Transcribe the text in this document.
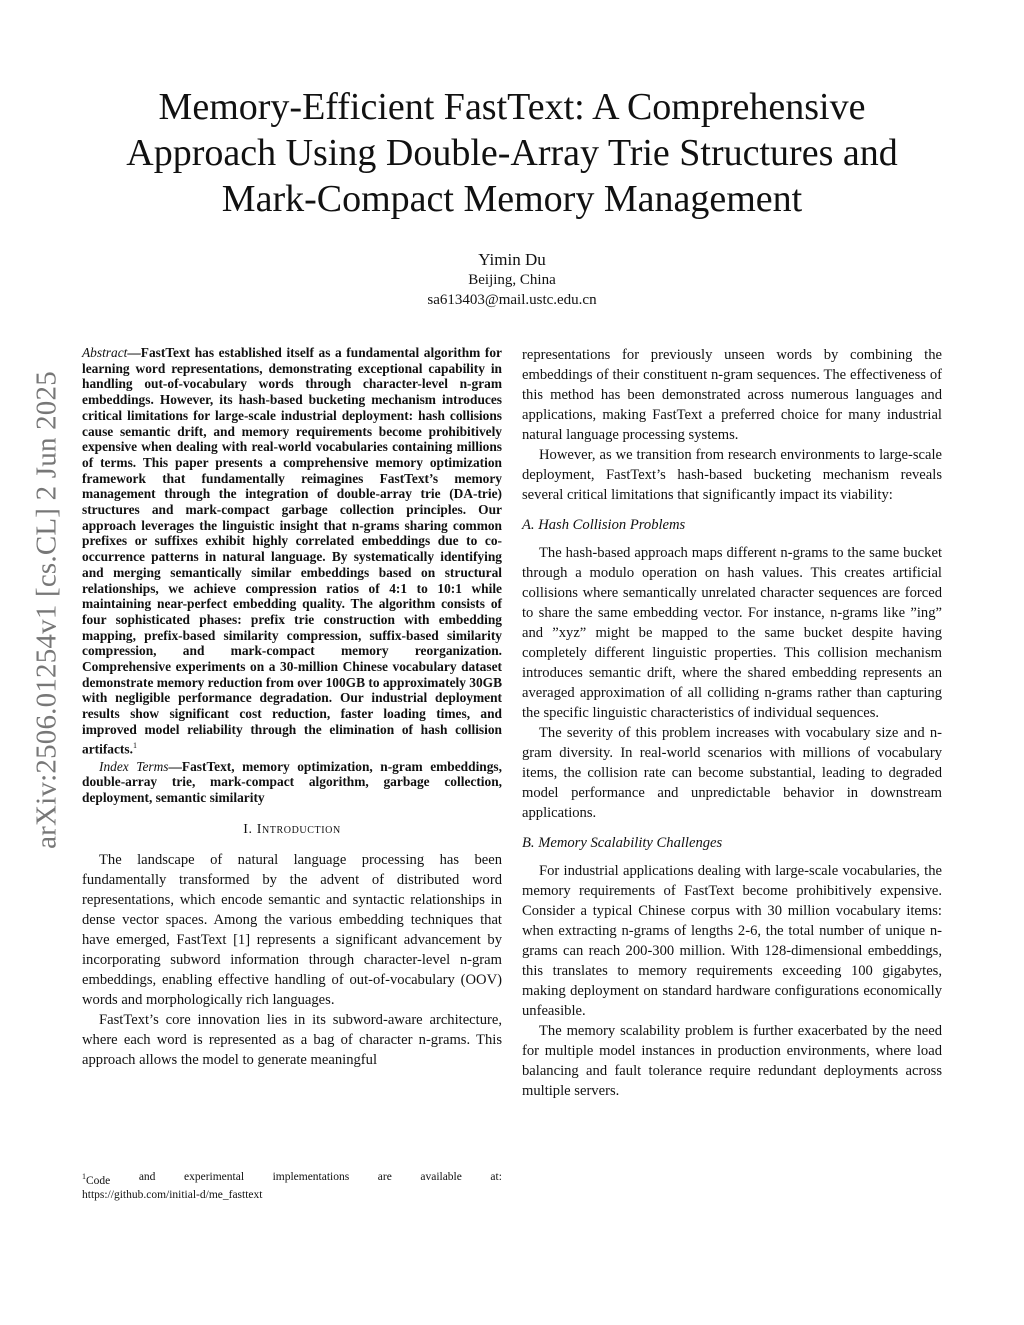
Memory-Efficient FastText: A Comprehensive
Approach Using Double-Array Trie Structures and
Mark-Compact Memory Management
Yimin Du
Beijing, China
sa613403@mail.ustc.edu.cn
arXiv:2506.01254v1 [cs.CL] 2 Jun 2025

Abstract—FastText has established itself as a fundamental algorithm for learning word representations, demonstrating exceptional capability in handling out-of-vocabulary words through character-level n-gram embeddings. However, its hash-based bucketing mechanism introduces critical limitations for large-scale industrial deployment: hash collisions cause semantic drift, and memory requirements become prohibitively expensive when dealing with real-world vocabularies containing millions of terms. This paper presents a comprehensive memory optimization framework that fundamentally reimagines FastText’s memory management through the integration of double-array trie (DA-trie) structures and mark-compact garbage collection principles. Our approach leverages the linguistic insight that n-grams sharing common prefixes or suffixes exhibit highly correlated embeddings due to co-occurrence patterns in natural language. By systematically identifying and merging semantically similar embeddings based on structural relationships, we achieve compression ratios of 4:1 to 10:1 while maintaining near-perfect embedding quality. The algorithm consists of four sophisticated phases: prefix trie construction with embedding mapping, prefix-based similarity compression, suffix-based similarity compression, and mark-compact memory reorganization. Comprehensive experiments on a 30-million Chinese vocabulary dataset demonstrate memory reduction from over 100GB to approximately 30GB with negligible performance degradation. Our industrial deployment results show significant cost reduction, faster loading times, and improved model reliability through the elimination of hash collision artifacts.$^1$

Index Terms—FastText, memory optimization, n-gram embeddings, double-array trie, mark-compact algorithm, garbage collection, deployment, semantic similarity

I. Introduction

The landscape of natural language processing has been fundamentally transformed by the advent of distributed word representations, which encode semantic and syntactic relationships in dense vector spaces. Among the various embedding techniques that have emerged, FastText [1] represents a significant advancement by incorporating subword information through character-level n-gram embeddings, enabling effective handling of out-of-vocabulary (OOV) words and morphologically rich languages.

FastText’s core innovation lies in its subword-aware architecture, where each word is represented as a bag of character n-grams. This approach allows the model to generate meaningful

representations for previously unseen words by combining the embeddings of their constituent n-gram sequences. The effectiveness of this method has been demonstrated across numerous languages and applications, making FastText a preferred choice for many industrial natural language processing systems.

However, as we transition from research environments to large-scale deployment, FastText’s hash-based bucketing mechanism reveals several critical limitations that significantly impact its viability:

A. Hash Collision Problems

The hash-based approach maps different n-grams to the same bucket through a modulo operation on hash values. This creates artificial collisions where semantically unrelated character sequences are forced to share the same embedding vector. For instance, n-grams like ”ing” and ”xyz” might be mapped to the same bucket despite having completely different linguistic properties. This collision mechanism introduces semantic drift, where the shared embedding represents an averaged approximation of all colliding n-grams rather than capturing the specific linguistic characteristics of individual sequences.

The severity of this problem increases with vocabulary size and n-gram diversity. In real-world scenarios with millions of vocabulary items, the collision rate can become substantial, leading to degraded model performance and unpredictable behavior in downstream applications.

B. Memory Scalability Challenges

For industrial applications dealing with large-scale vocabularies, the memory requirements of FastText become prohibitively expensive. Consider a typical Chinese corpus with 30 million vocabulary items: when extracting n-grams of lengths 2-6, the total number of unique n-grams can reach 200-300 million. With 128-dimensional embeddings, this translates to memory requirements exceeding 100 gigabytes, making deployment on standard hardware configurations economically unfeasible.

The memory scalability problem is further exacerbated by the need for multiple model instances in production environments, where load balancing and fault tolerance require redundant deployments across multiple servers.

$^1$Code and experimental implementations are available at:
https://github.com/initial-d/me_fasttext
